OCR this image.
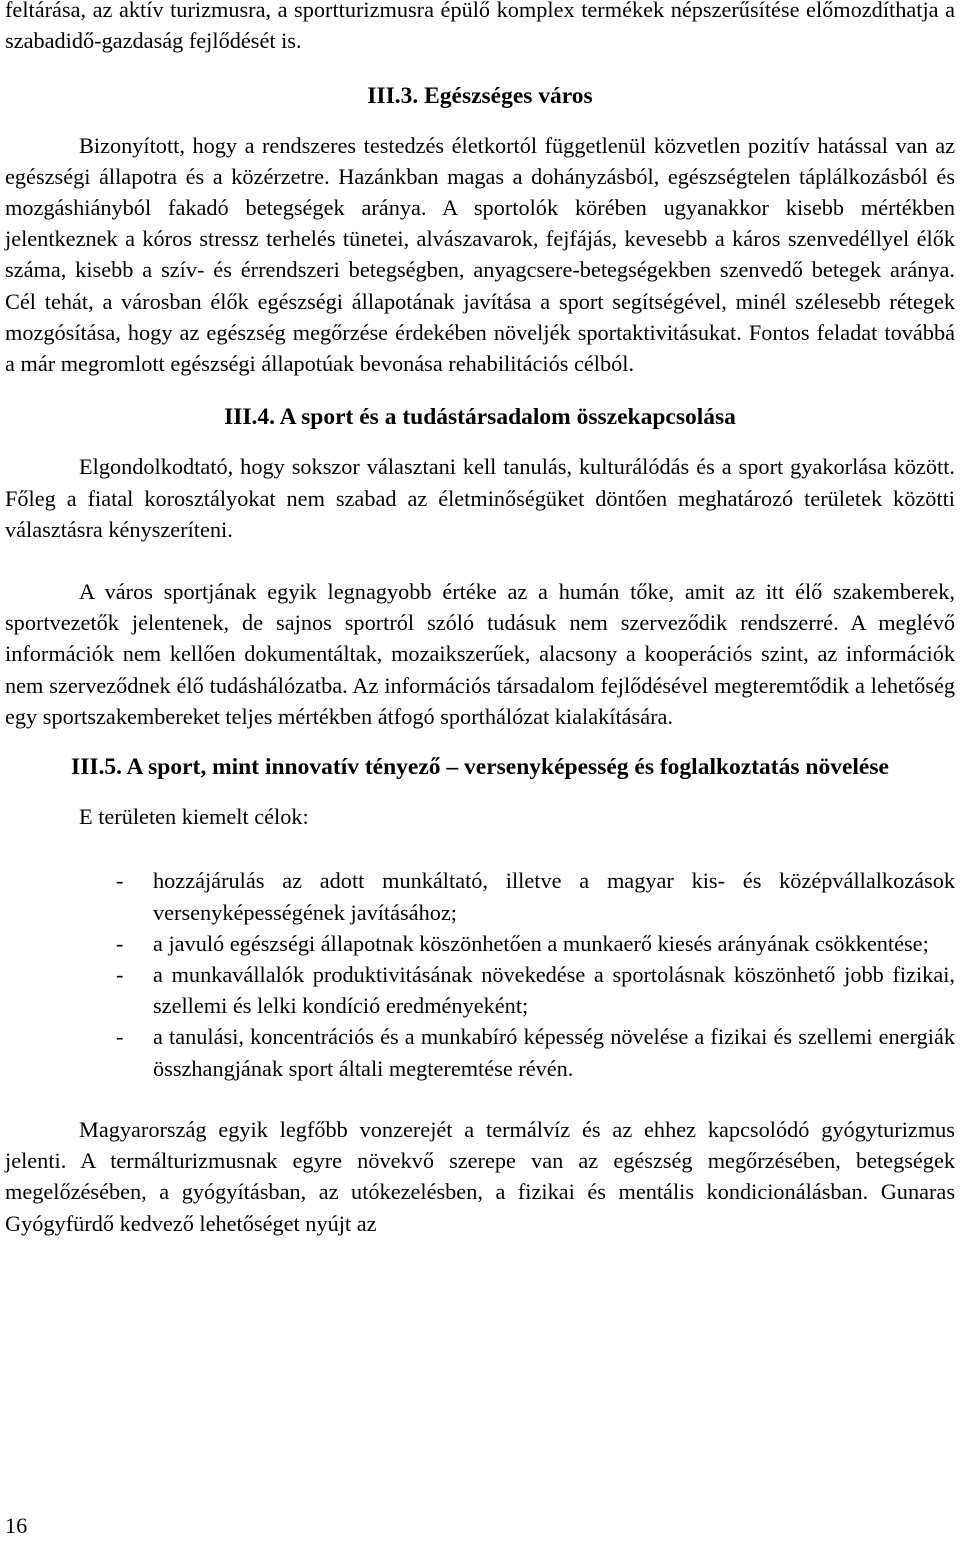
feltárása, az aktív turizmusra, a sportturizmusra épülő komplex termékek népszerűsítése előmozdíthatja a szabadidő-gazdaság fejlődését is.

III.3. Egészséges város

Bizonyított, hogy a rendszeres testedzés életkortól függetlenül közvetlen pozitív hatással van az egészségi állapotra és a közérzetre. Hazánkban magas a dohányzásból, egészségtelen táplálkozásból és mozgáshiányból fakadó betegségek aránya. A sportolók körében ugyanakkor kisebb mértékben jelentkeznek a kóros stressz terhelés tünetei, alvászavarok, fejfájás, kevesebb a káros szenvedéllyel élők száma, kisebb a szív- és érrendszeri betegségben, anyagcsere-betegségekben szenvedő betegek aránya. Cél tehát, a városban élők egészségi állapotának javítása a sport segítségével, minél szélesebb rétegek mozgósítása, hogy az egészség megőrzése érdekében növeljék sportaktivitásukat. Fontos feladat továbbá a már megromlott egészségi állapotúak bevonása rehabilitációs célból.

III.4. A sport és a tudástársadalom összekapcsolása

Elgondolkodtató, hogy sokszor választani kell tanulás, kulturálódás és a sport gyakorlása között. Főleg a fiatal korosztályokat nem szabad az életminőségüket döntően meghatározó területek közötti választásra kényszeríteni.

A város sportjának egyik legnagyobb értéke az a humán tőke, amit az itt élő szakemberek, sportvezetők jelentenek, de sajnos sportról szóló tudásuk nem szerveződik rendszerré. A meglévő információk nem kellően dokumentáltak, mozaikszerűek, alacsony a kooperációs szint, az információk nem szerveződnek élő tudáshálózatba. Az információs társadalom fejlődésével megteremtődik a lehetőség egy sportszakembereket teljes mértékben átfogó sporthálózat kialakítására.

III.5. A sport, mint innovatív tényező – versenyképesség és foglalkoztatás növelése

E területen kiemelt célok:

- hozzájárulás az adott munkáltató, illetve a magyar kis- és középvállalkozások versenyképességének javításához;
- a javuló egészségi állapotnak köszönhetően a munkaerő kiesés arányának csökkentése;
- a munkavállalók produktivitásának növekedése a sportolásnak köszönhető jobb fizikai, szellemi és lelki kondíció eredményeként;
- a tanulási, koncentrációs és a munkabíró képesség növelése a fizikai és szellemi energiák összhangjának sport általi megteremtése révén.

Magyarország egyik legfőbb vonzerejét a termálvíz és az ehhez kapcsolódó gyógyturizmus jelenti. A termálturizmusnak egyre növekvő szerepe van az egészség megőrzésében, betegségek megelőzésében, a gyógyításban, az utókezelésben, a fizikai és mentális kondicionálásban. Gunaras Gyógyfürdő kedvező lehetőséget nyújt az

16
